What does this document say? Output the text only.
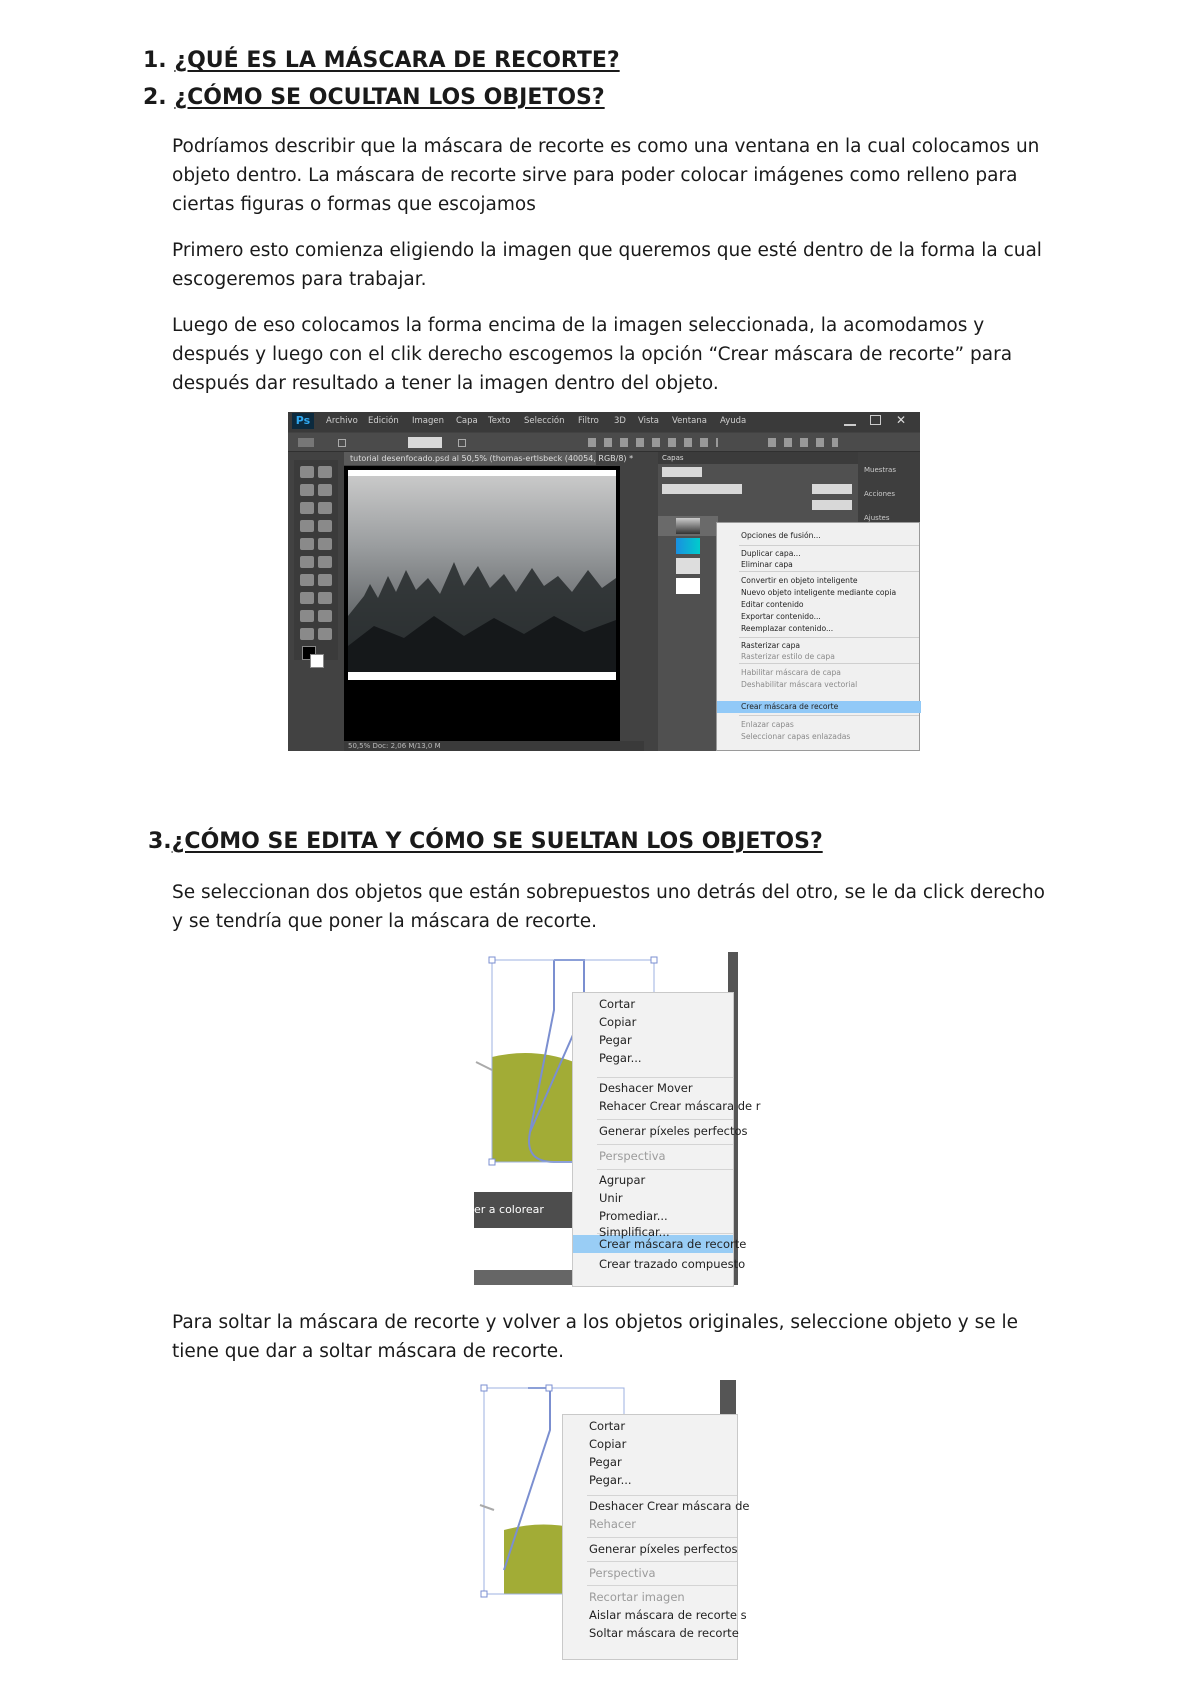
1. ¿QUÉ ES LA MÁSCARA DE RECORTE?
2. ¿CÓMO SE OCULTAN LOS OBJETOS?

Podríamos describir que la máscara de recorte es como una ventana en la cual colocamos un objeto dentro. La máscara de recorte sirve para poder colocar imágenes como relleno para ciertas figuras o formas que escojamos

Primero esto comienza eligiendo la imagen que queremos que esté dentro de la forma la cual escogeremos para trabajar.

Luego de eso colocamos la forma encima de la imagen seleccionada, la acomodamos y después y luego con el clik derecho escogemos la opción “Crear máscara de recorte” para después dar resultado a tener la imagen dentro del objeto.

Ps	Archivo Edición Imagen Capa Texto Selección Filtro 3D Vista Ventana Ayuda	✕
tutorial desenfocado.psd al 50,5% (thomas-ertlsbeck (40054, RGB/8) *
50,5% Doc: 2,06 M/13,0 M
Capas
Muestras
Acciones
Ajustes
Opciones de fusión...
Duplicar capa...
Eliminar capa
Convertir en objeto inteligente
Nuevo objeto inteligente mediante copia
Editar contenido
Exportar contenido...
Reemplazar contenido...
Rasterizar capa
Rasterizar estilo de capa
Habilitar máscara de capa
Deshabilitar máscara vectorial
Crear máscara de recorte
Enlazar capas
Seleccionar capas enlazadas
3.¿CÓMO SE EDITA Y CÓMO SE SUELTAN LOS OBJETOS?

Se seleccionan dos objetos que están sobrepuestos uno detrás del otro, se le da click derecho y se tendría que poner la máscara de recorte.

er a colorear
Cortar
Copiar
Pegar
Pegar...
Deshacer Mover
Rehacer Crear máscara de r
Generar píxeles perfectos
Perspectiva
Agrupar
Unir
Promediar...
Simplificar...
Crear máscara de recorte
Crear trazado compuesto

Para soltar la máscara de recorte y volver a los objetos originales, seleccione objeto y se le tiene que dar a soltar máscara de recorte.

Cortar
Copiar
Pegar
Pegar...
Deshacer Crear máscara de
Rehacer
Generar píxeles perfectos
Perspectiva
Recortar imagen
Aislar máscara de recorte s
Soltar máscara de recorte
